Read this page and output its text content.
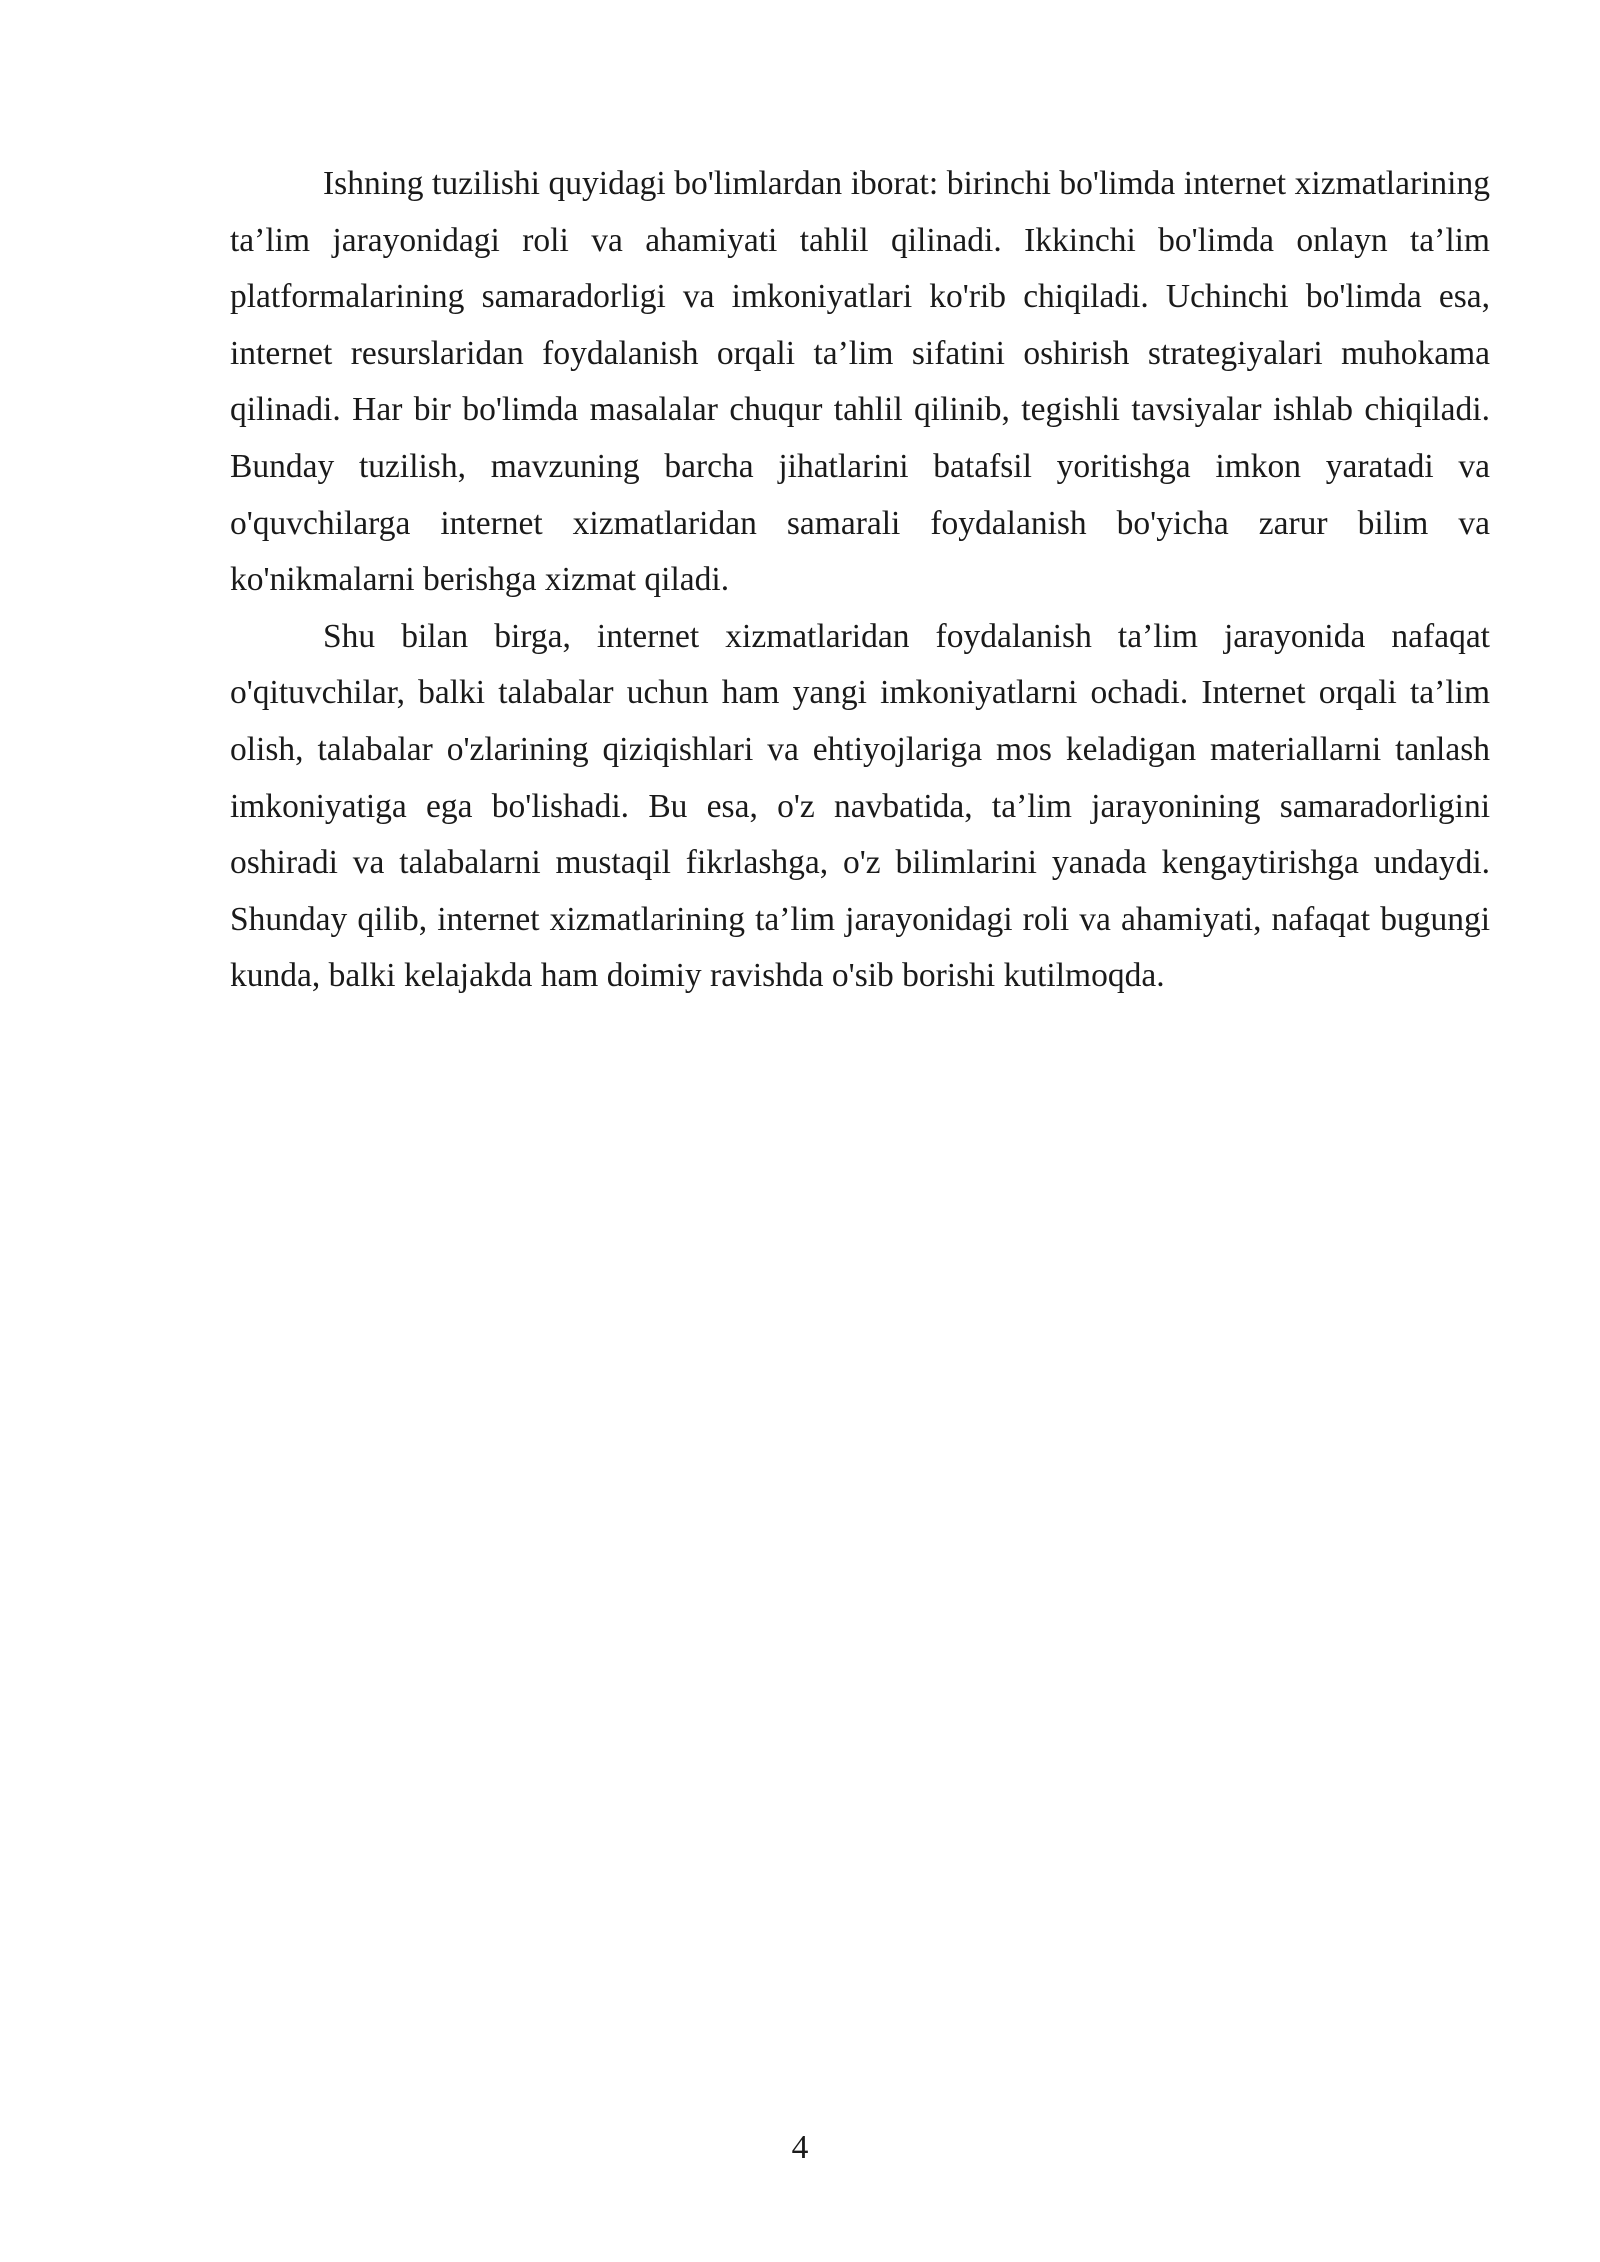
Ishning tuzilishi quyidagi bo'limlardan iborat: birinchi bo'limda internet xizmatlarining ta’lim jarayonidagi roli va ahamiyati tahlil qilinadi. Ikkinchi bo'limda onlayn ta’lim platformalarining samaradorligi va imkoniyatlari ko'rib chiqiladi. Uchinchi bo'limda esa, internet resurslaridan foydalanish orqali ta’lim sifatini oshirish strategiyalari muhokama qilinadi. Har bir bo'limda masalalar chuqur tahlil qilinib, tegishli tavsiyalar ishlab chiqiladi. Bunday tuzilish, mavzuning barcha jihatlarini batafsil yoritishga imkon yaratadi va o'quvchilarga internet xizmatlaridan samarali foydalanish bo'yicha zarur bilim va ko'nikmalarni berishga xizmat qiladi.

Shu bilan birga, internet xizmatlaridan foydalanish ta’lim jarayonida nafaqat o'qituvchilar, balki talabalar uchun ham yangi imkoniyatlarni ochadi. Internet orqali ta’lim olish, talabalar o'zlarining qiziqishlari va ehtiyojlariga mos keladigan materiallarni tanlash imkoniyatiga ega bo'lishadi. Bu esa, o'z navbatida, ta’lim jarayonining samaradorligini oshiradi va talabalarni mustaqil fikrlashga, o'z bilimlarini yanada kengaytirishga undaydi. Shunday qilib, internet xizmatlarining ta’lim jarayonidagi roli va ahamiyati, nafaqat bugungi kunda, balki kelajakda ham doimiy ravishda o'sib borishi kutilmoqda.

4
